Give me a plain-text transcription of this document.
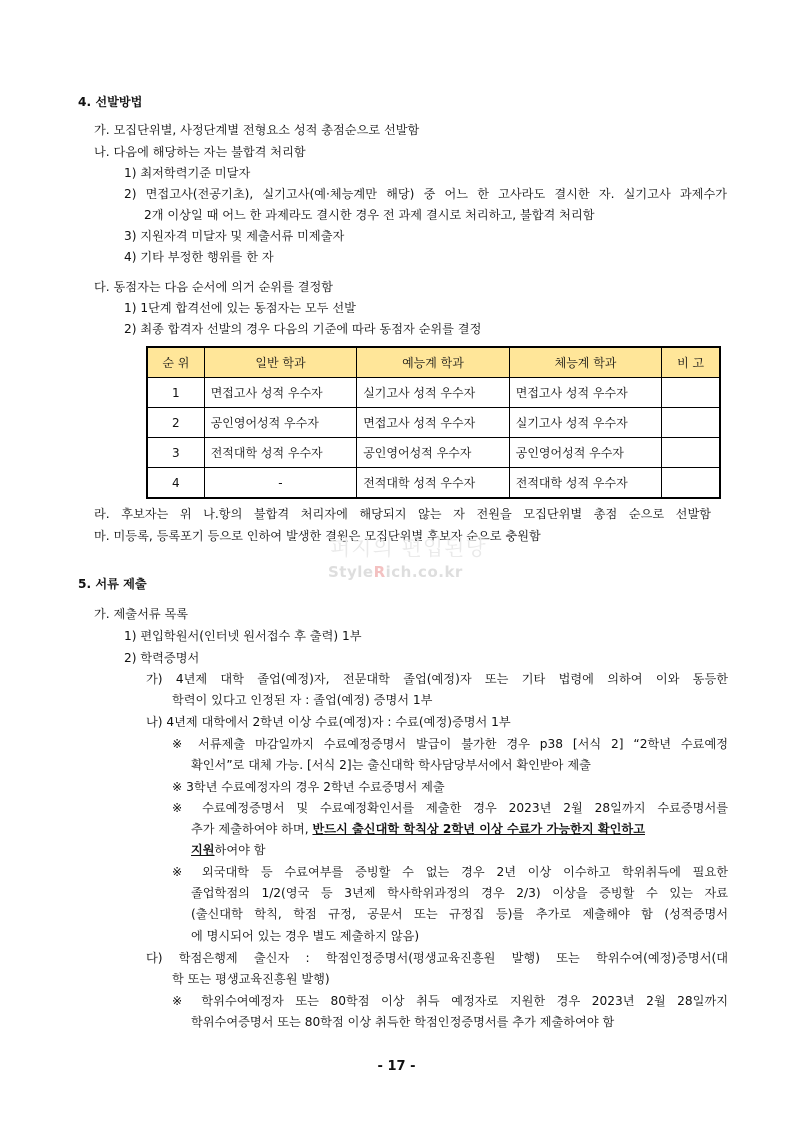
4. 선발방법
가. 모집단위별, 사정단계별 전형요소 성적 총점순으로 선발함
나. 다음에 해당하는 자는 불합격 처리함
1) 최저학력기준 미달자
2) 면접고사(전공기초), 실기고사(예·체능계만 해당) 중 어느 한 고사라도 결시한 자. 실기고사 과제수가
2개 이상일 때 어느 한 과제라도 결시한 경우 전 과제 결시로 처리하고, 불합격 처리함
3) 지원자격 미달자 및 제출서류 미제출자
4) 기타 부정한 행위를 한 자
다. 동점자는 다음 순서에 의거 순위를 결정함
1) 1단계 합격선에 있는 동점자는 모두 선발
2) 최종 합격자 선발의 경우 다음의 기준에 따라 동점자 순위를 결정
순 위	일반 학과	예능계 학과	체능계 학과	비 고
1	면접고사 성적 우수자	실기고사 성적 우수자	면접고사 성적 우수자	
2	공인영어성적 우수자	면접고사 성적 우수자	실기고사 성적 우수자	
3	전적대학 성적 우수자	공인영어성적 우수자	공인영어성적 우수자	
4	-	전적대학 성적 우수자	전적대학 성적 우수자	
라. 후보자는 위 나.항의 불합격 처리자에 해당되지 않는 자 전원을 모집단위별 총점 순으로 선발함
마. 미등록, 등록포기 등으로 인하여 발생한 결원은 모집단위별 후보자 순으로 충원함
퍼지의 편입된당
StyleRich.co.kr
5. 서류 제출
가. 제출서류 목록
1) 편입학원서(인터넷 원서접수 후 출력) 1부
2) 학력증명서
가) 4년제 대학 졸업(예정)자, 전문대학 졸업(예정)자 또는 기타 법령에 의하여 이와 동등한
학력이 있다고 인정된 자 : 졸업(예정) 증명서 1부
나) 4년제 대학에서 2학년 이상 수료(예정)자 : 수료(예정)증명서 1부
※ 서류제출 마감일까지 수료예정증명서 발급이 불가한 경우 p38 [서식 2] “2학년 수료예정
확인서”로 대체 가능. [서식 2]는 출신대학 학사담당부서에서 확인받아 제출
※ 3학년 수료예정자의 경우 2학년 수료증명서 제출
※ 수료예정증명서 및 수료예정확인서를 제출한 경우 2023년 2월 28일까지 수료증명서를
추가 제출하여야 하며, 반드시 출신대학 학칙상 2학년 이상 수료가 가능한지 확인하고
지원하여야 함
※ 외국대학 등 수료여부를 증빙할 수 없는 경우 2년 이상 이수하고 학위취득에 필요한
졸업학점의 1/2(영국 등 3년제 학사학위과정의 경우 2/3) 이상을 증빙할 수 있는 자료
(출신대학 학칙, 학점 규정, 공문서 또는 규정집 등)를 추가로 제출해야 함 (성적증명서
에 명시되어 있는 경우 별도 제출하지 않음)
다) 학점은행제 출신자 : 학점인정증명서(평생교육진흥원 발행) 또는 학위수여(예정)증명서(대
학 또는 평생교육진흥원 발행)
※ 학위수여예정자 또는 80학점 이상 취득 예정자로 지원한 경우 2023년 2월 28일까지
학위수여증명서 또는 80학점 이상 취득한 학점인정증명서를 추가 제출하여야 함
- 17 -
